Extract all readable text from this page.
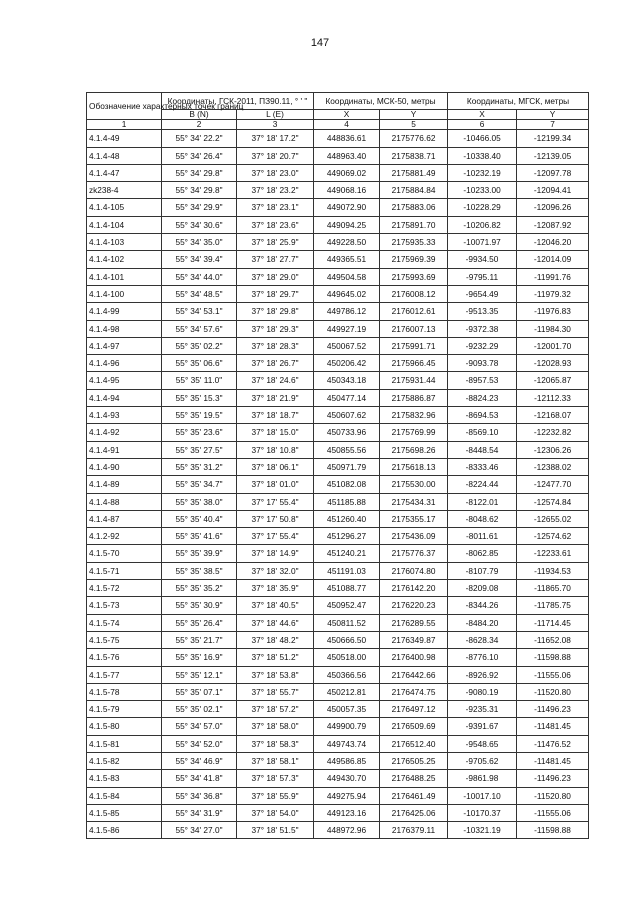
147
Обозначение характерных точек границ	Координаты, ГСК-2011, ПЗ90.11, ° ' "		Координаты, МСК-50, метры		Координаты, МГСК, метры	
	B (N)	L (E)	X	Y	X	Y
1	2	3	4	5	6	7
4.1.4-49	55° 34' 22.2"	37° 18' 17.2"	448836.61	2175776.62	-10466.05	-12199.34
4.1.4-48	55° 34' 26.4"	37° 18' 20.7"	448963.40	2175838.71	-10338.40	-12139.05
4.1.4-47	55° 34' 29.8"	37° 18' 23.0"	449069.02	2175881.49	-10232.19	-12097.78
zk238-4	55° 34' 29.8"	37° 18' 23.2"	449068.16	2175884.84	-10233.00	-12094.41
4.1.4-105	55° 34' 29.9"	37° 18' 23.1"	449072.90	2175883.06	-10228.29	-12096.26
4.1.4-104	55° 34' 30.6"	37° 18' 23.6"	449094.25	2175891.70	-10206.82	-12087.92
4.1.4-103	55° 34' 35.0"	37° 18' 25.9"	449228.50	2175935.33	-10071.97	-12046.20
4.1.4-102	55° 34' 39.4"	37° 18' 27.7"	449365.51	2175969.39	-9934.50	-12014.09
4.1.4-101	55° 34' 44.0"	37° 18' 29.0"	449504.58	2175993.69	-9795.11	-11991.76
4.1.4-100	55° 34' 48.5"	37° 18' 29.7"	449645.02	2176008.12	-9654.49	-11979.32
4.1.4-99	55° 34' 53.1"	37° 18' 29.8"	449786.12	2176012.61	-9513.35	-11976.83
4.1.4-98	55° 34' 57.6"	37° 18' 29.3"	449927.19	2176007.13	-9372.38	-11984.30
4.1.4-97	55° 35' 02.2"	37° 18' 28.3"	450067.52	2175991.71	-9232.29	-12001.70
4.1.4-96	55° 35' 06.6"	37° 18' 26.7"	450206.42	2175966.45	-9093.78	-12028.93
4.1.4-95	55° 35' 11.0"	37° 18' 24.6"	450343.18	2175931.44	-8957.53	-12065.87
4.1.4-94	55° 35' 15.3"	37° 18' 21.9"	450477.14	2175886.87	-8824.23	-12112.33
4.1.4-93	55° 35' 19.5"	37° 18' 18.7"	450607.62	2175832.96	-8694.53	-12168.07
4.1.4-92	55° 35' 23.6"	37° 18' 15.0"	450733.96	2175769.99	-8569.10	-12232.82
4.1.4-91	55° 35' 27.5"	37° 18' 10.8"	450855.56	2175698.26	-8448.54	-12306.26
4.1.4-90	55° 35' 31.2"	37° 18' 06.1"	450971.79	2175618.13	-8333.46	-12388.02
4.1.4-89	55° 35' 34.7"	37° 18' 01.0"	451082.08	2175530.00	-8224.44	-12477.70
4.1.4-88	55° 35' 38.0"	37° 17' 55.4"	451185.88	2175434.31	-8122.01	-12574.84
4.1.4-87	55° 35' 40.4"	37° 17' 50.8"	451260.40	2175355.17	-8048.62	-12655.02
4.1.2-92	55° 35' 41.6"	37° 17' 55.4"	451296.27	2175436.09	-8011.61	-12574.62
4.1.5-70	55° 35' 39.9"	37° 18' 14.9"	451240.21	2175776.37	-8062.85	-12233.61
4.1.5-71	55° 35' 38.5"	37° 18' 32.0"	451191.03	2176074.80	-8107.79	-11934.53
4.1.5-72	55° 35' 35.2"	37° 18' 35.9"	451088.77	2176142.20	-8209.08	-11865.70
4.1.5-73	55° 35' 30.9"	37° 18' 40.5"	450952.47	2176220.23	-8344.26	-11785.75
4.1.5-74	55° 35' 26.4"	37° 18' 44.6"	450811.52	2176289.55	-8484.20	-11714.45
4.1.5-75	55° 35' 21.7"	37° 18' 48.2"	450666.50	2176349.87	-8628.34	-11652.08
4.1.5-76	55° 35' 16.9"	37° 18' 51.2"	450518.00	2176400.98	-8776.10	-11598.88
4.1.5-77	55° 35' 12.1"	37° 18' 53.8"	450366.56	2176442.66	-8926.92	-11555.06
4.1.5-78	55° 35' 07.1"	37° 18' 55.7"	450212.81	2176474.75	-9080.19	-11520.80
4.1.5-79	55° 35' 02.1"	37° 18' 57.2"	450057.35	2176497.12	-9235.31	-11496.23
4.1.5-80	55° 34' 57.0"	37° 18' 58.0"	449900.79	2176509.69	-9391.67	-11481.45
4.1.5-81	55° 34' 52.0"	37° 18' 58.3"	449743.74	2176512.40	-9548.65	-11476.52
4.1.5-82	55° 34' 46.9"	37° 18' 58.1"	449586.85	2176505.25	-9705.62	-11481.45
4.1.5-83	55° 34' 41.8"	37° 18' 57.3"	449430.70	2176488.25	-9861.98	-11496.23
4.1.5-84	55° 34' 36.8"	37° 18' 55.9"	449275.94	2176461.49	-10017.10	-11520.80
4.1.5-85	55° 34' 31.9"	37° 18' 54.0"	449123.16	2176425.06	-10170.37	-11555.06
4.1.5-86	55° 34' 27.0"	37° 18' 51.5"	448972.96	2176379.11	-10321.19	-11598.88
